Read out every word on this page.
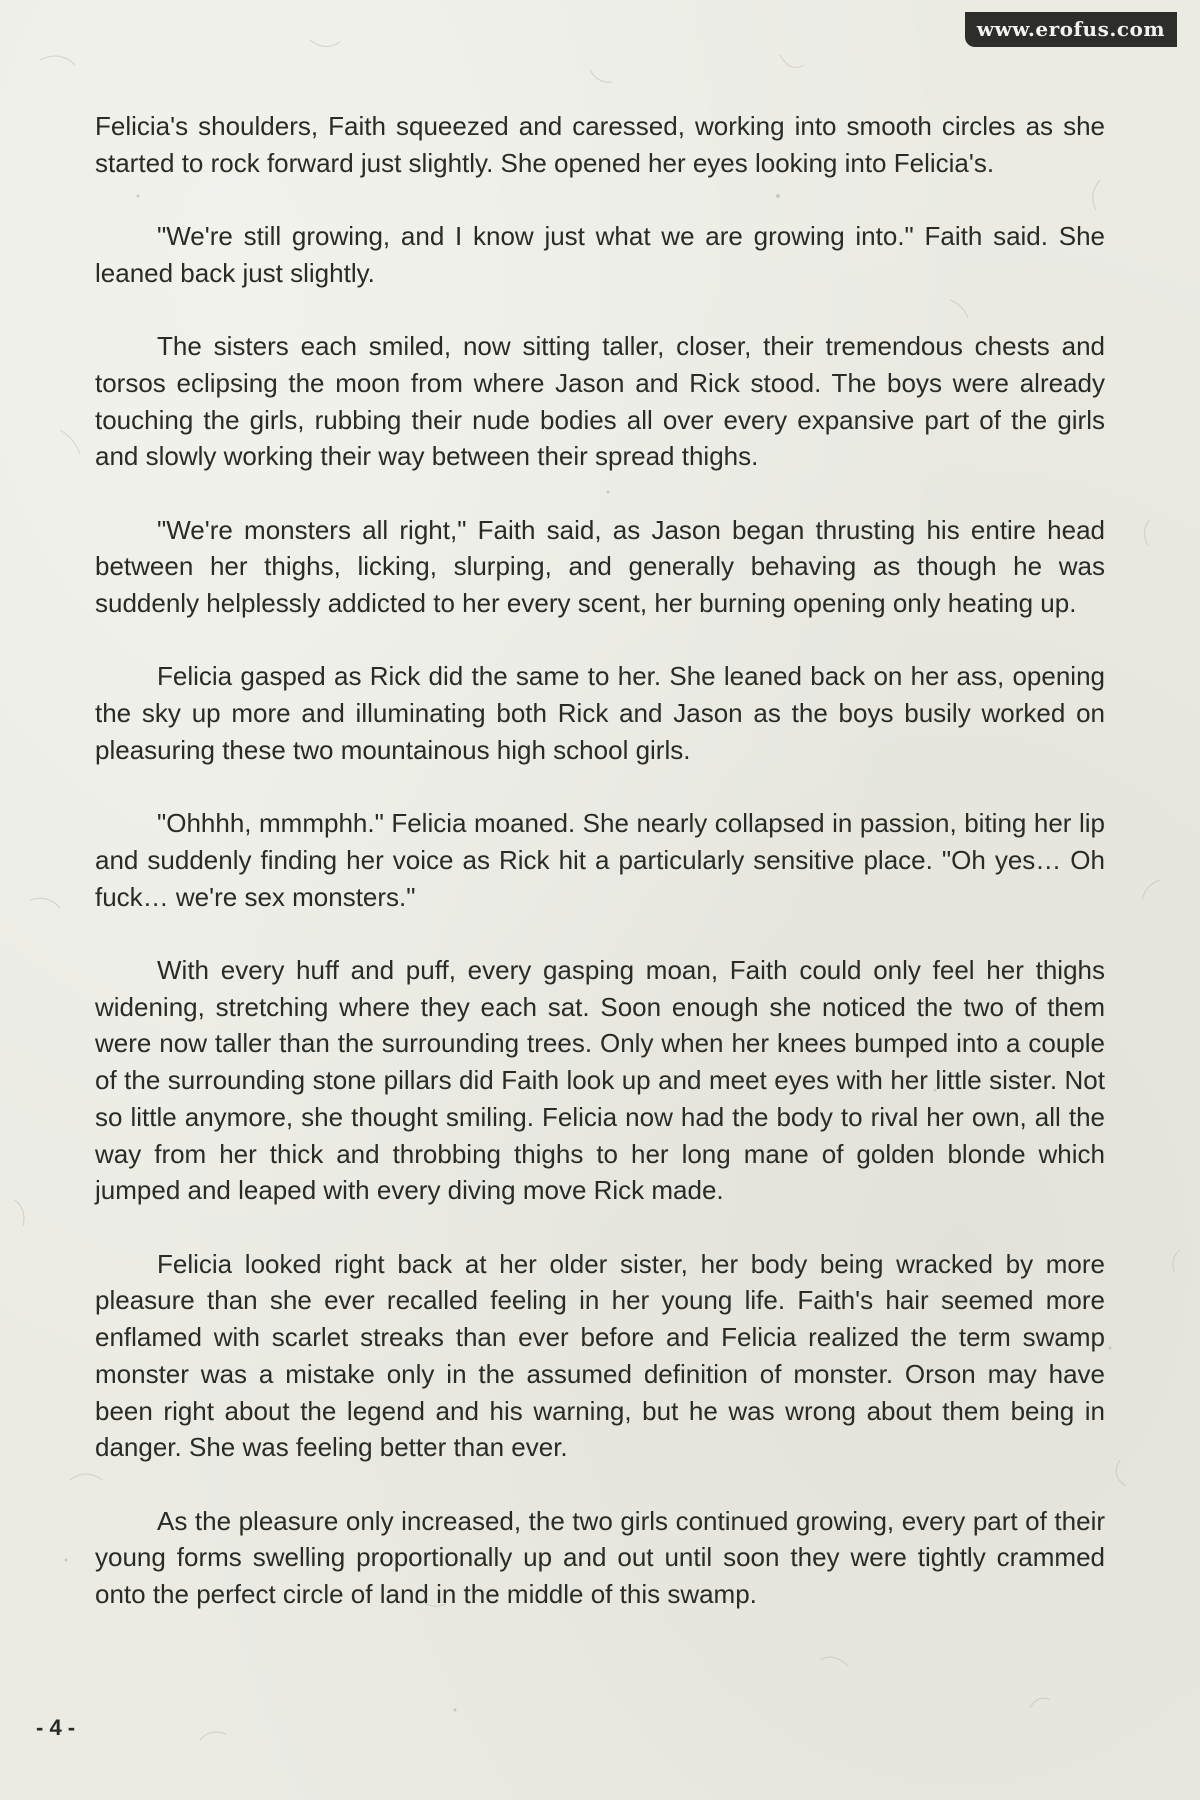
www.erofus.com

Felicia's shoulders, Faith squeezed and caressed, working into smooth circles as she started to rock forward just slightly. She opened her eyes looking into Felicia's.

"We're still growing, and I know just what we are growing into." Faith said. She leaned back just slightly.

The sisters each smiled, now sitting taller, closer, their tremendous chests and torsos eclipsing the moon from where Jason and Rick stood. The boys were already touching the girls, rubbing their nude bodies all over every expansive part of the girls and slowly working their way between their spread thighs.

"We're monsters all right," Faith said, as Jason began thrusting his entire head between her thighs, licking, slurping, and generally behaving as though he was suddenly helplessly addicted to her every scent, her burning opening only heating up.

Felicia gasped as Rick did the same to her. She leaned back on her ass, opening the sky up more and illuminating both Rick and Jason as the boys busily worked on pleasuring these two mountainous high school girls.

"Ohhhh, mmmphh." Felicia moaned. She nearly collapsed in passion, biting her lip and suddenly finding her voice as Rick hit a particularly sensitive place. "Oh yes… Oh fuck… we're sex monsters."

With every huff and puff, every gasping moan, Faith could only feel her thighs widening, stretching where they each sat. Soon enough she noticed the two of them were now taller than the surrounding trees. Only when her knees bumped into a couple of the surrounding stone pillars did Faith look up and meet eyes with her little sister. Not so little anymore, she thought smiling. Felicia now had the body to rival her own, all the way from her thick and throbbing thighs to her long mane of golden blonde which jumped and leaped with every diving move Rick made.

Felicia looked right back at her older sister, her body being wracked by more pleasure than she ever recalled feeling in her young life. Faith's hair seemed more enflamed with scarlet streaks than ever before and Felicia realized the term swamp monster was a mistake only in the assumed definition of monster. Orson may have been right about the legend and his warning, but he was wrong about them being in danger. She was feeling better than ever.

As the pleasure only increased, the two girls continued growing, every part of their young forms swelling proportionally up and out until soon they were tightly crammed onto the perfect circle of land in the middle of this swamp.

- 4 -
